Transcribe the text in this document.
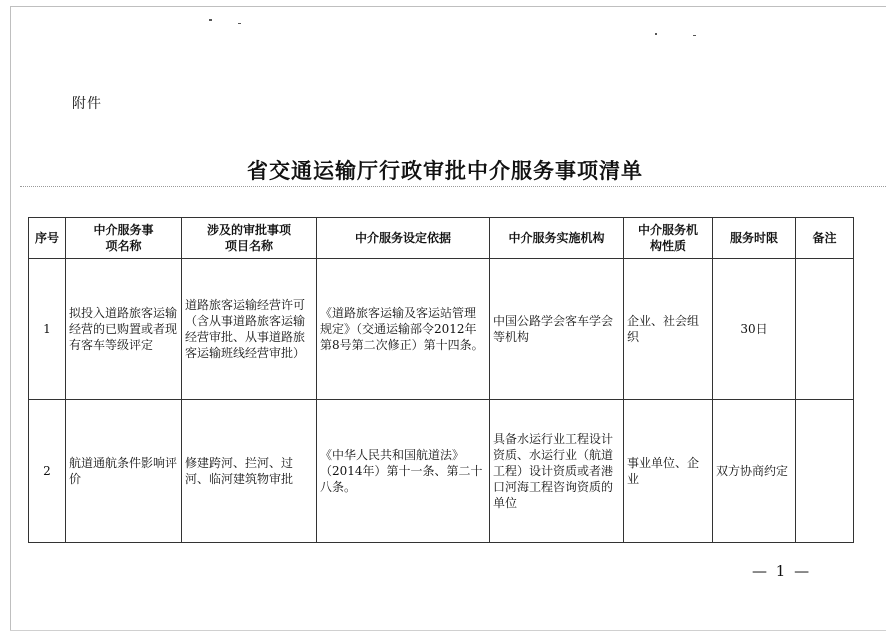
附件
省交通运输厅行政审批中介服务事项清单
序号	中介服务事项名称	涉及的审批事项项目名称	中介服务设定依据	中介服务实施机构	中介服务机构性质	服务时限	备注
1	拟投入道路旅客运输经营的已购置或者现有客车等级评定	道路旅客运输经营许可（含从事道路旅客运输经营审批、从事道路旅客运输班线经营审批）	《道路旅客运输及客运站管理规定》（交通运输部令2012年第8号第二次修正）第十四条。	中国公路学会客车学会等机构	企业、社会组织	30日	
2	航道通航条件影响评价	修建跨河、拦河、过河、临河建筑物审批	《中华人民共和国航道法》（2014年）第十一条、第二十八条。	具备水运行业工程设计资质、水运行业（航道工程）设计资质或者港口河海工程咨询资质的单位	事业单位、企业	双方协商约定	
— 1 —
